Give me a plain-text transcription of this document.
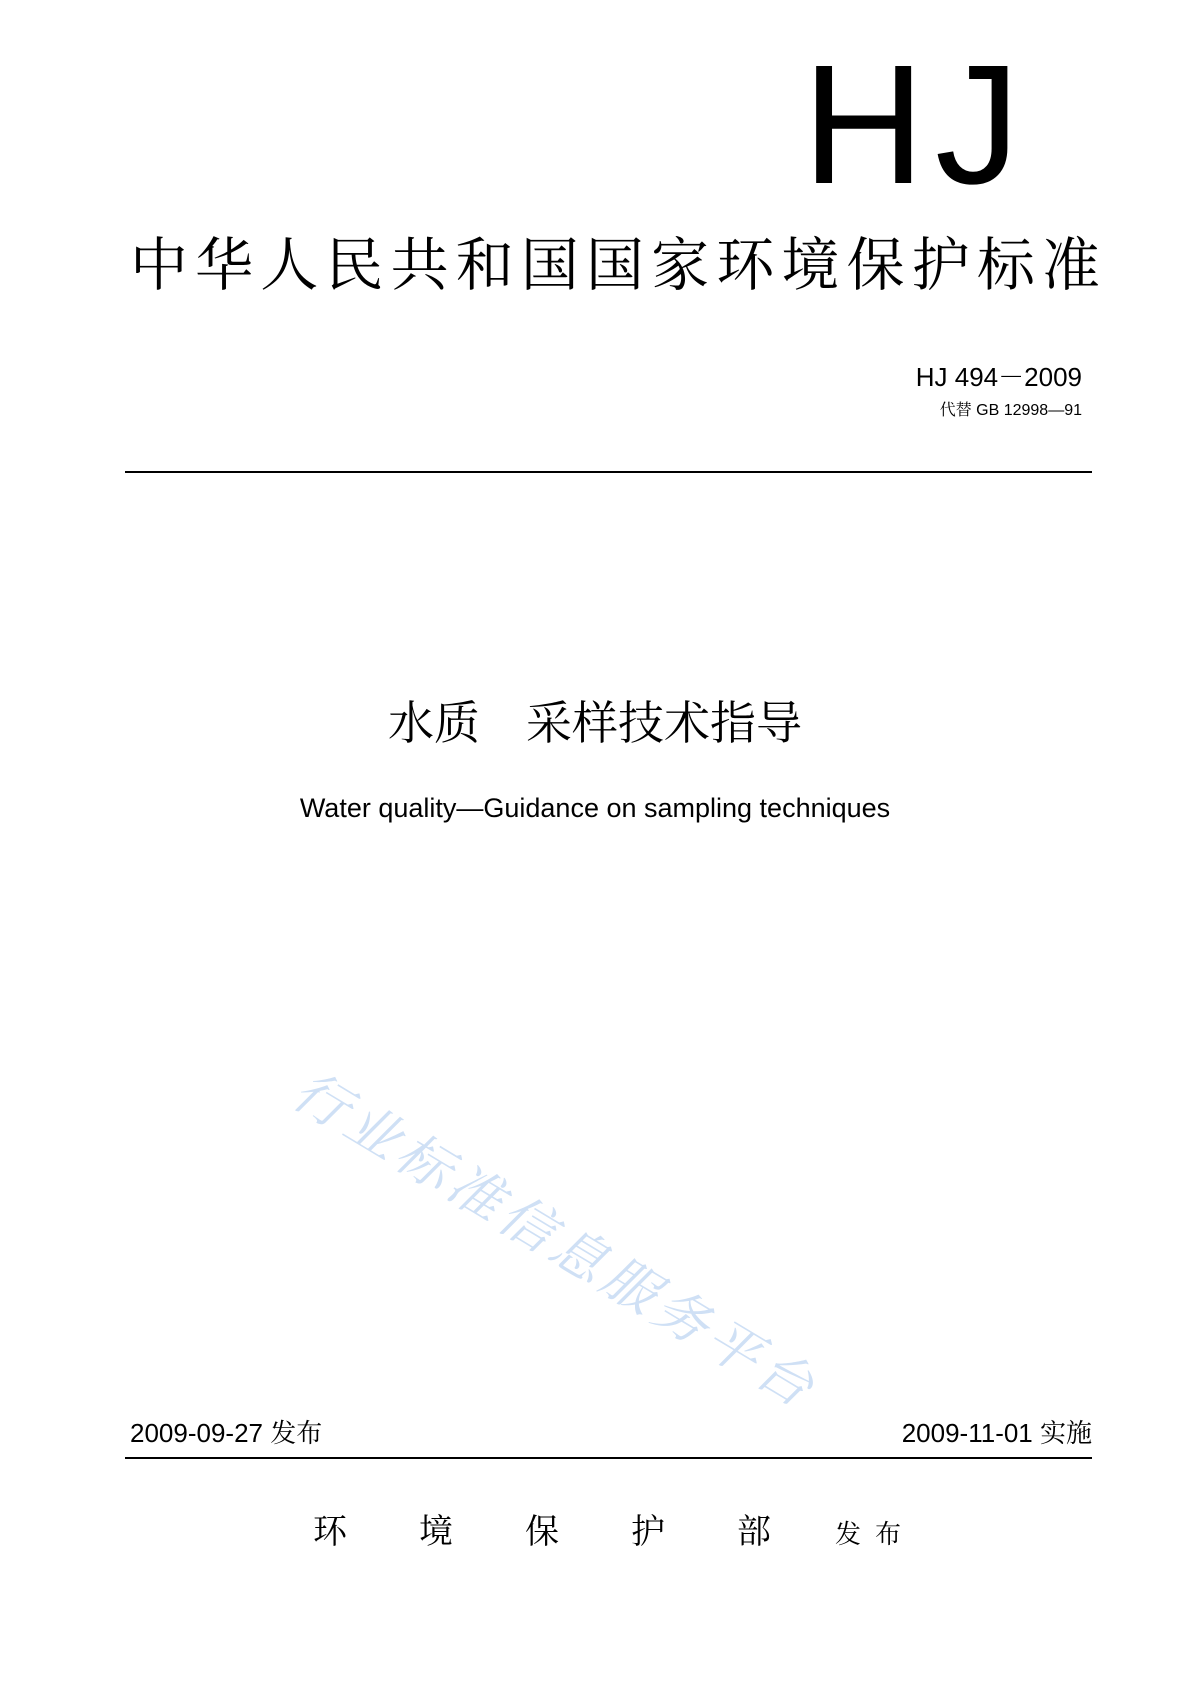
HJ
中华人民共和国国家环境保护标准
HJ 494－2009
代替 GB 12998—91
水质　采样技术指导
Water quality—Guidance on sampling techniques
行业标准信息服务平台
2009-09-27 发布	2009-11-01 实施
环 境 保 护 部 发布
